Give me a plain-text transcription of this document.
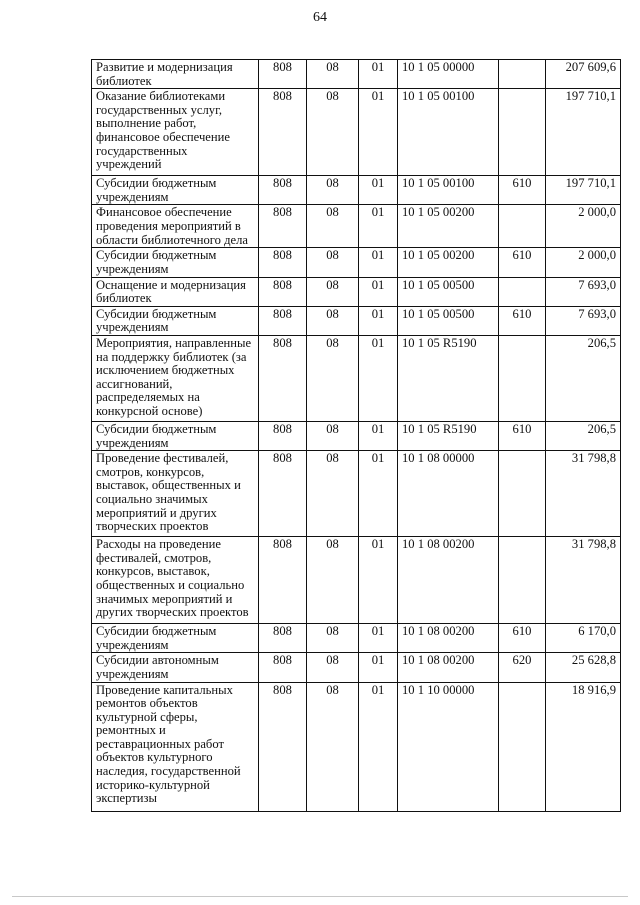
64
Развитие и модернизация библиотек	808	08	01	10 1 05 00000		207 609,6
Оказание библиотеками государственных услуг, выполнение работ, финансовое обеспечение государственных учреждений	808	08	01	10 1 05 00100		197 710,1
Субсидии бюджетным учреждениям	808	08	01	10 1 05 00100	610	197 710,1
Финансовое обеспечение проведения мероприятий в области библиотечного дела	808	08	01	10 1 05 00200		2 000,0
Субсидии бюджетным учреждениям	808	08	01	10 1 05 00200	610	2 000,0
Оснащение и модернизация библиотек	808	08	01	10 1 05 00500		7 693,0
Субсидии бюджетным учреждениям	808	08	01	10 1 05 00500	610	7 693,0
Мероприятия, направленные на поддержку библиотек (за исключением бюджетных ассигнований, распределяемых на конкурсной основе)	808	08	01	10 1 05 R5190		206,5
Субсидии бюджетным учреждениям	808	08	01	10 1 05 R5190	610	206,5
Проведение фестивалей, смотров, конкурсов, выставок, общественных и социально значимых мероприятий и других творческих проектов	808	08	01	10 1 08 00000		31 798,8
Расходы на проведение фестивалей, смотров, конкурсов, выставок, общественных и социально значимых мероприятий и других творческих проектов	808	08	01	10 1 08 00200		31 798,8
Субсидии бюджетным учреждениям	808	08	01	10 1 08 00200	610	6 170,0
Субсидии автономным учреждениям	808	08	01	10 1 08 00200	620	25 628,8
Проведение капитальных ремонтов объектов культурной сферы, ремонтных и реставрационных работ объектов культурного наследия, государственной историко-культурной экспертизы	808	08	01	10 1 10 00000		18 916,9
